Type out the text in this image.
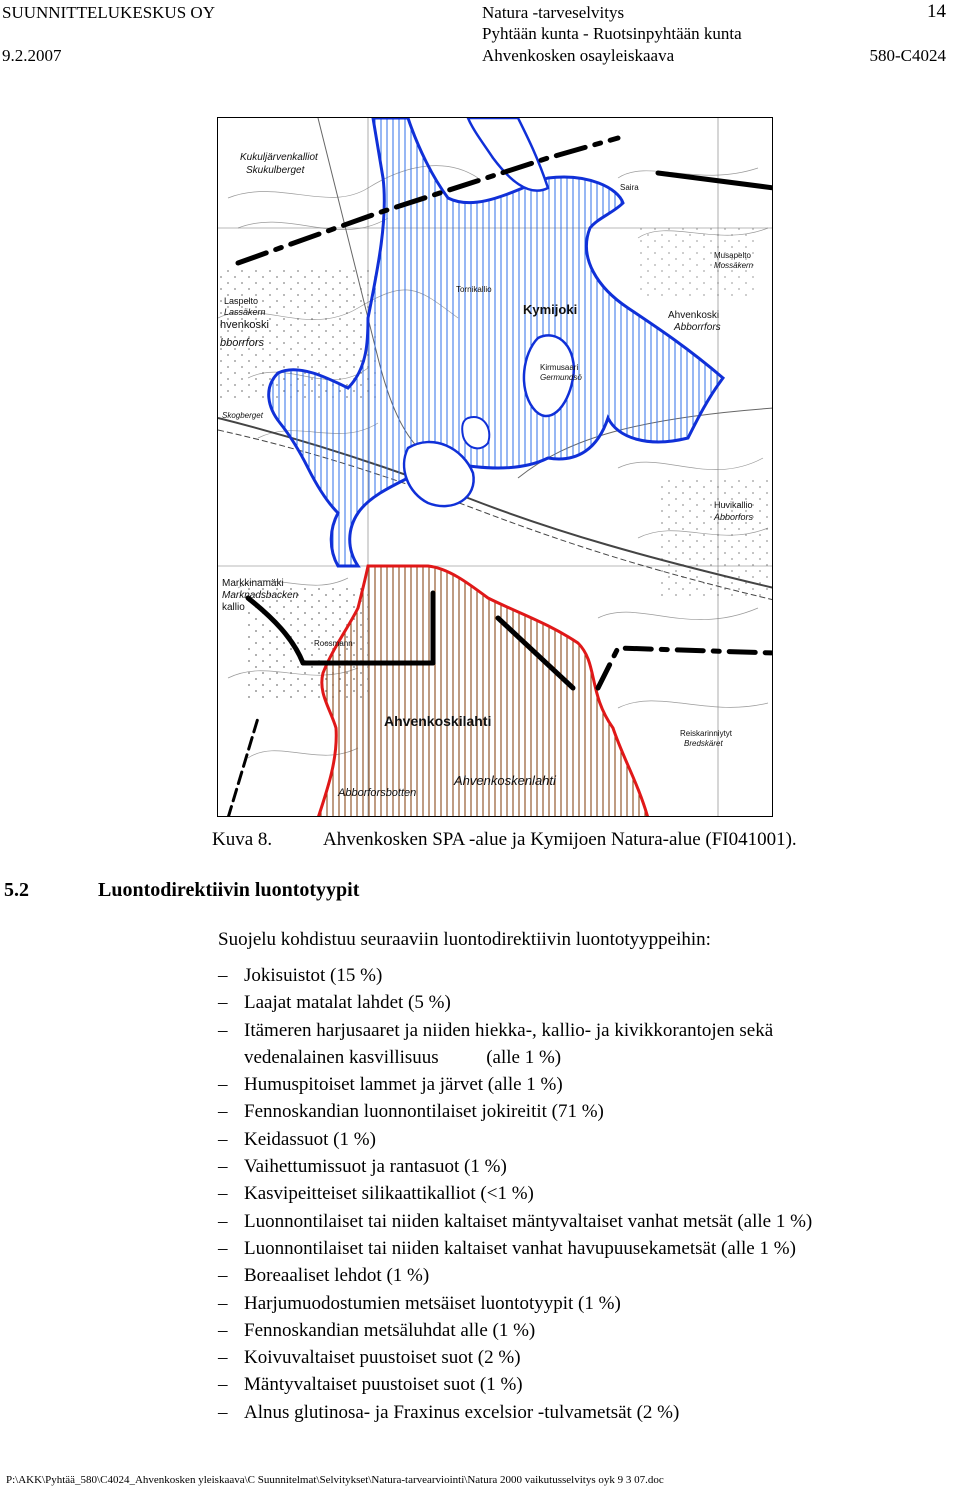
SUUNNITTELUKESKUS OY
9.2.2007
Natura -tarveselvitys
Pyhtään kunta - Ruotsinpyhtään kunta
Ahvenkosken osayleiskaava
14
580-C4024
Kymijoki
Ahvenkoskilahti
Kukuljärvenkalliot
Skukulberget
Ahvenkoski
Abborrfors
hvenkoski
bborrfors
Markkinamäki
Marknadsbacken
Laspelto
Lassäkern
kallio
Kirmusaari
Germundsö
Huvikallio
Abborfors
Musapelto
Mossäkern
Reiskarinniytyt
Bredskäret
Ahvenkoskenlahti
Abborforsbotten
Roosmann
Saira
Tornikallio
Skogberget
Kuva 8.	Ahvenkosken SPA -alue ja Kymijoen Natura-alue (FI041001).
5.2	Luontodirektiivin luontotyypit
Suojelu kohdistuu seuraaviin luontodirektiivin luontotyyppeihin:
– Jokisuistot (15 %)
– Laajat matalat lahdet (5 %)
– Itämeren harjusaaret ja niiden hiekka-, kallio- ja kivikkorantojen sekä
vedenalainen kasvillisuus          (alle 1 %)
– Humuspitoiset lammet ja järvet (alle 1 %)
– Fennoskandian luonnontilaiset jokireitit (71 %)
– Keidassuot (1 %)
– Vaihettumissuot ja rantasuot (1 %)
– Kasvipeitteiset silikaattikalliot (<1 %)
– Luonnontilaiset tai niiden kaltaiset mäntyvaltaiset vanhat metsät (alle 1 %)
– Luonnontilaiset tai niiden kaltaiset vanhat havupuusekametsät (alle 1 %)
– Boreaaliset lehdot (1 %)
– Harjumuodostumien metsäiset luontotyypit (1 %)
– Fennoskandian metsäluhdat alle (1 %)
– Koivuvaltaiset puustoiset suot (2 %)
– Mäntyvaltaiset puustoiset suot (1 %)
– Alnus glutinosa- ja Fraxinus excelsior -tulvametsät (2 %)
P:\AKK\Pyhtää_580\C4024_Ahvenkosken yleiskaava\C Suunnitelmat\Selvitykset\Natura-tarvearviointi\Natura 2000 vaikutusselvitys oyk 9 3 07.doc
